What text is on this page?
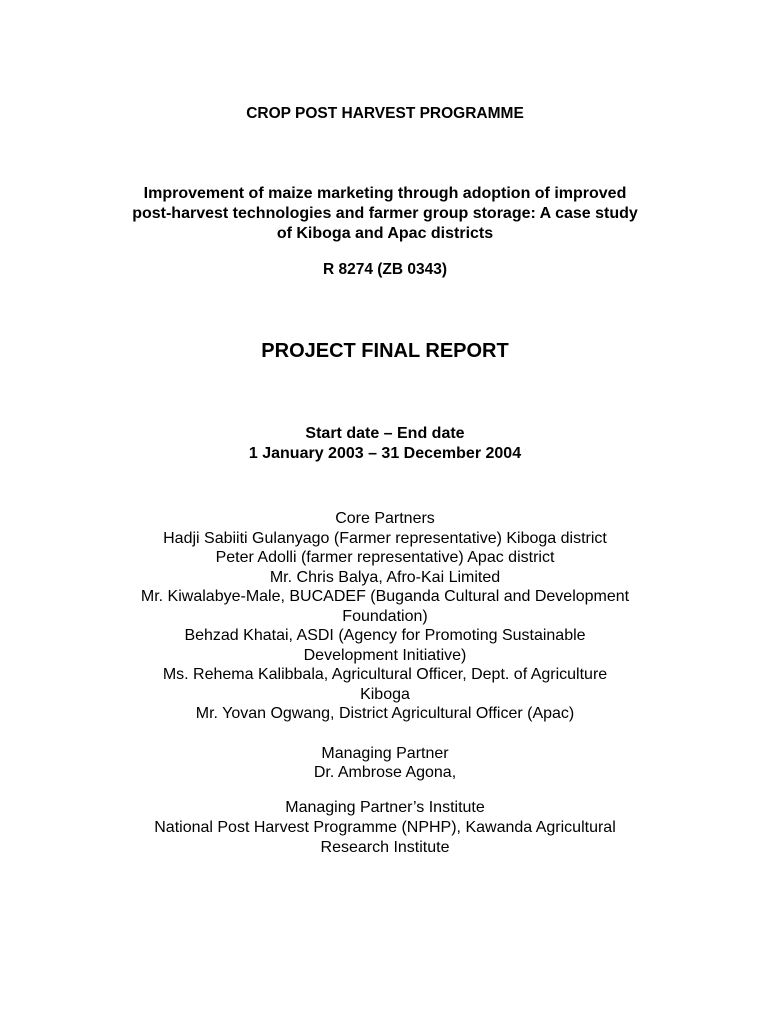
CROP POST HARVEST PROGRAMME
Improvement of maize marketing through adoption of improved
post-harvest technologies and farmer group storage: A case study
of Kiboga and Apac districts
R 8274 (ZB 0343)
PROJECT FINAL REPORT
Start date – End date
1 January 2003 – 31 December 2004
Core Partners
Hadji Sabiiti Gulanyago (Farmer representative) Kiboga district
Peter Adolli (farmer representative) Apac district
Mr. Chris Balya, Afro-Kai Limited
Mr. Kiwalabye-Male, BUCADEF (Buganda Cultural and Development
Foundation)
Behzad Khatai, ASDI (Agency for Promoting Sustainable
Development Initiative)
Ms. Rehema Kalibbala, Agricultural Officer, Dept. of Agriculture
Kiboga
Mr. Yovan Ogwang, District Agricultural Officer (Apac)
Managing Partner
Dr. Ambrose Agona,
Managing Partner’s Institute
National Post Harvest Programme (NPHP), Kawanda Agricultural
Research Institute
